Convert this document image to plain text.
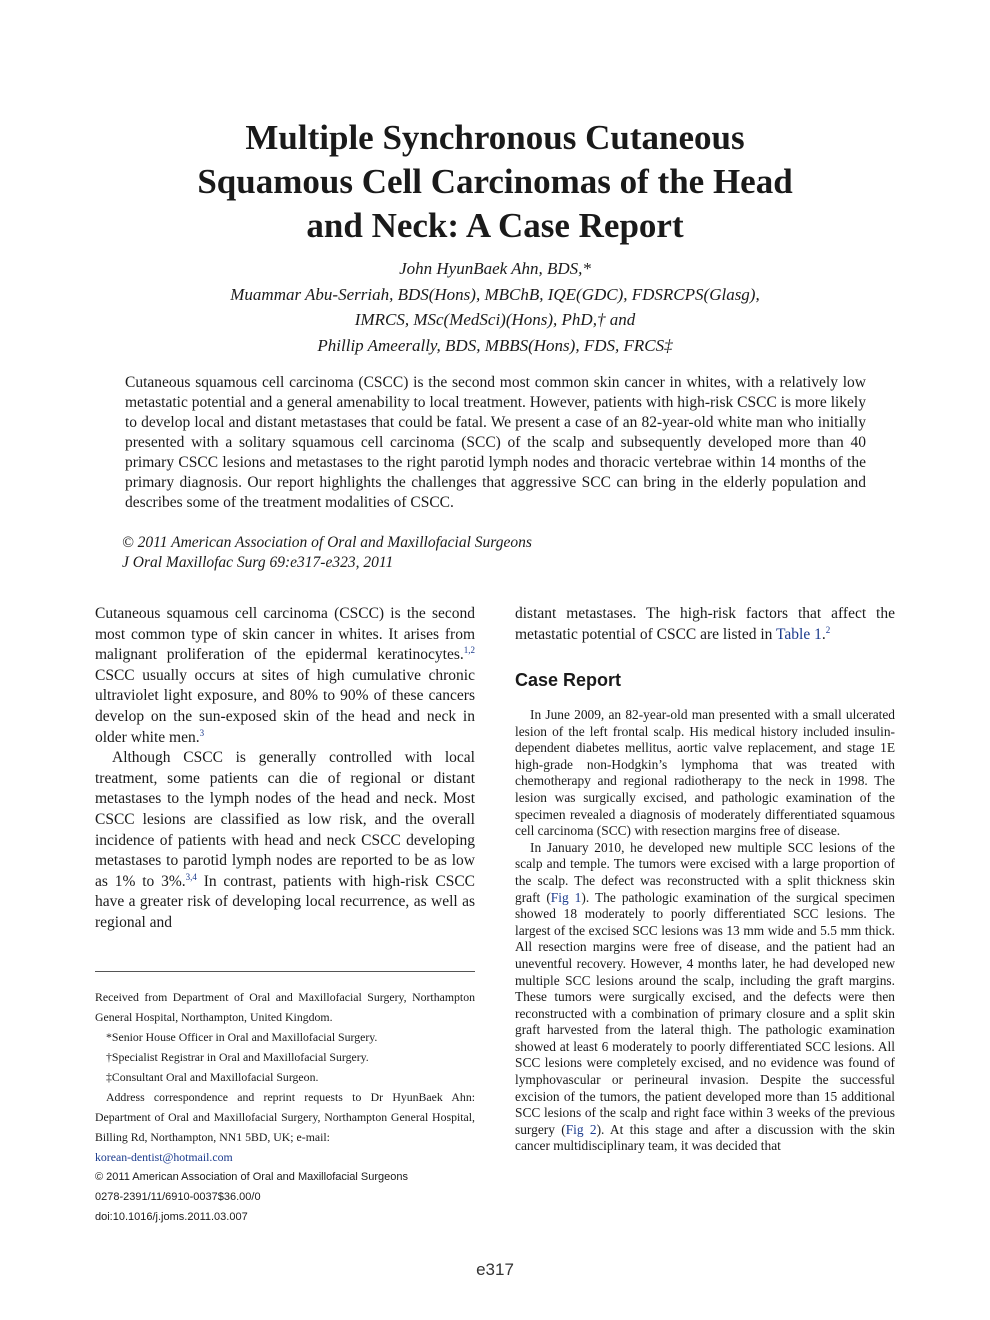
Multiple Synchronous Cutaneous
Squamous Cell Carcinomas of the Head
and Neck: A Case Report
John HyunBaek Ahn, BDS,*
Muammar Abu-Serriah, BDS(Hons), MBChB, IQE(GDC), FDSRCPS(Glasg),
IMRCS, MSc(MedSci)(Hons), PhD,† and
Phillip Ameerally, BDS, MBBS(Hons), FDS, FRCS‡

Cutaneous squamous cell carcinoma (CSCC) is the second most common skin cancer in whites, with a relatively low metastatic potential and a general amenability to local treatment. However, patients with high-risk CSCC is more likely to develop local and distant metastases that could be fatal. We present a case of an 82-year-old white man who initially presented with a solitary squamous cell carcinoma (SCC) of the scalp and subsequently developed more than 40 primary CSCC lesions and metastases to the right parotid lymph nodes and thoracic vertebrae within 14 months of the primary diagnosis. Our report highlights the challenges that aggressive SCC can bring in the elderly population and describes some of the treatment modalities of CSCC.

© 2011 American Association of Oral and Maxillofacial Surgeons
J Oral Maxillofac Surg 69:e317-e323, 2011

Cutaneous squamous cell carcinoma (CSCC) is the second most common type of skin cancer in whites. It arises from malignant proliferation of the epidermal keratinocytes.$^{1,2}$ CSCC usually occurs at sites of high cumulative chronic ultraviolet light exposure, and 80% to 90% of these cancers develop on the sun-exposed skin of the head and neck in older white men.$^3$

Although CSCC is generally controlled with local treatment, some patients can die of regional or distant metastases to the lymph nodes of the head and neck. Most CSCC lesions are classified as low risk, and the overall incidence of patients with head and neck CSCC developing metastases to parotid lymph nodes are reported to be as low as 1% to 3%.$^{3,4}$ In contrast, patients with high-risk CSCC have a greater risk of developing local recurrence, as well as regional and

distant metastases. The high-risk factors that affect the metastatic potential of CSCC are listed in Table 1.$^2$

Case Report

In June 2009, an 82-year-old man presented with a small ulcerated lesion of the left frontal scalp. His medical history included insulin-dependent diabetes mellitus, aortic valve replacement, and stage 1E high-grade non-Hodgkin’s lymphoma that was treated with chemotherapy and regional radiotherapy to the neck in 1998. The lesion was surgically excised, and pathologic examination of the specimen revealed a diagnosis of moderately differentiated squamous cell carcinoma (SCC) with resection margins free of disease.

In January 2010, he developed new multiple SCC lesions of the scalp and temple. The tumors were excised with a large proportion of the scalp. The defect was reconstructed with a split thickness skin graft (Fig 1). The pathologic examination of the surgical specimen showed 18 moderately to poorly differentiated SCC lesions. The largest of the excised SCC lesions was 13 mm wide and 5.5 mm thick. All resection margins were free of disease, and the patient had an uneventful recovery. However, 4 months later, he had developed new multiple SCC lesions around the scalp, including the graft margins. These tumors were surgically excised, and the defects were then reconstructed with a combination of primary closure and a split skin graft harvested from the lateral thigh. The pathologic examination showed at least 6 moderately to poorly differentiated SCC lesions. All SCC lesions were completely excised, and no evidence was found of lymphovascular or perineural invasion. Despite the successful excision of the tumors, the patient developed more than 15 additional SCC lesions of the scalp and right face within 3 weeks of the previous surgery (Fig 2). At this stage and after a discussion with the skin cancer multidisciplinary team, it was decided that

Received from Department of Oral and Maxillofacial Surgery, Northampton General Hospital, Northampton, United Kingdom.

*Senior House Officer in Oral and Maxillofacial Surgery.

†Specialist Registrar in Oral and Maxillofacial Surgery.

‡Consultant Oral and Maxillofacial Surgeon.

Address correspondence and reprint requests to Dr HyunBaek Ahn: Department of Oral and Maxillofacial Surgery, Northampton General Hospital, Billing Rd, Northampton, NN1 5BD, UK; e-mail:

korean-dentist@hotmail.com

© 2011 American Association of Oral and Maxillofacial Surgeons

0278-2391/11/6910-0037$36.00/0

doi:10.1016/j.joms.2011.03.007

e317
